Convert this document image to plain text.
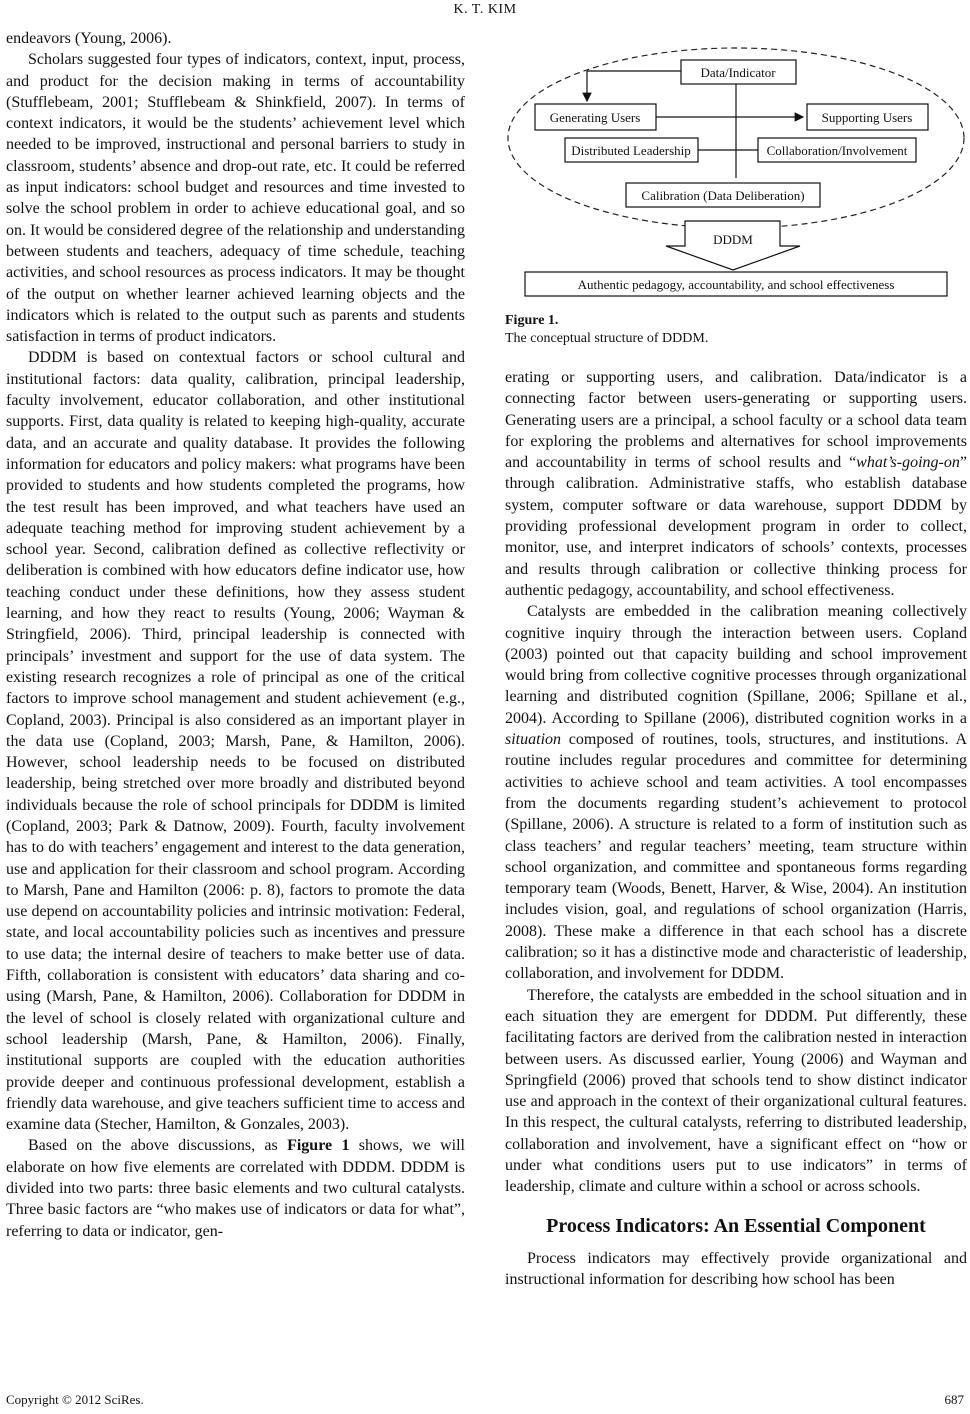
K. T. KIM

endeavors (Young, 2006).

Scholars suggested four types of indicators, context, input, process, and product for the decision making in terms of accountability (Stufflebeam, 2001; Stufflebeam & Shinkfield, 2007). In terms of context indicators, it would be the students’ achievement level which needed to be improved, instructional and personal barriers to study in classroom, students’ absence and drop-out rate, etc. It could be referred as input indicators: school budget and resources and time invested to solve the school problem in order to achieve educational goal, and so on. It would be considered degree of the relationship and understanding between students and teachers, adequacy of time schedule, teaching activities, and school resources as process indicators. It may be thought of the output on whether learner achieved learning objects and the indicators which is related to the output such as parents and students satisfaction in terms of product indicators.

DDDM is based on contextual factors or school cultural and institutional factors: data quality, calibration, principal leadership, faculty involvement, educator collaboration, and other institutional supports. First, data quality is related to keeping high-quality, accurate data, and an accurate and quality database. It provides the following information for educators and policy makers: what programs have been provided to students and how students completed the programs, how the test result has been improved, and what teachers have used an adequate teaching method for improving student achievement by a school year. Second, calibration defined as collective reflectivity or deliberation is combined with how educators define indicator use, how teaching conduct under these definitions, how they assess student learning, and how they react to results (Young, 2006; Wayman & Stringfield, 2006). Third, principal leadership is connected with principals’ investment and support for the use of data system. The existing research recognizes a role of principal as one of the critical factors to improve school management and student achievement (e.g., Copland, 2003). Principal is also considered as an important player in the data use (Copland, 2003; Marsh, Pane, & Hamilton, 2006). However, school leadership needs to be focused on distributed leadership, being stretched over more broadly and distributed beyond individuals because the role of school principals for DDDM is limited (Copland, 2003; Park & Datnow, 2009). Fourth, faculty involvement has to do with teachers’ engagement and interest to the data generation, use and application for their classroom and school program. According to Marsh, Pane and Hamilton (2006: p. 8), factors to promote the data use depend on accountability policies and intrinsic motivation: Federal, state, and local accountability policies such as incentives and pressure to use data; the internal desire of teachers to make better use of data. Fifth, collaboration is consistent with educators’ data sharing and co-using (Marsh, Pane, & Hamilton, 2006). Collaboration for DDDM in the level of school is closely related with organizational culture and school leadership (Marsh, Pane, & Hamilton, 2006). Finally, institutional supports are coupled with the education authorities provide deeper and continuous professional development, establish a friendly data warehouse, and give teachers sufficient time to access and examine data (Stecher, Hamilton, & Gonzales, 2003).

Based on the above discussions, as Figure 1 shows, we will elaborate on how five elements are correlated with DDDM. DDDM is divided into two parts: three basic elements and two cultural catalysts. Three basic factors are “who makes use of indicators or data for what”, referring to data or indicator, gen-

Data/Indicator
Generating Users	Supporting Users
Distributed Leadership	Collaboration/Involvement
Calibration (Data Deliberation)
DDDM
Authentic pedagogy, accountability, and school effectiveness
Figure 1.
The conceptual structure of DDDM.

erating or supporting users, and calibration. Data/indicator is a connecting factor between users-generating or supporting users. Generating users are a principal, a school faculty or a school data team for exploring the problems and alternatives for school improvements and accountability in terms of school results and “what’s-going-on” through calibration. Administrative staffs, who establish database system, computer software or data warehouse, support DDDM by providing professional development program in order to collect, monitor, use, and interpret indicators of schools’ contexts, processes and results through calibration or collective thinking process for authentic pedagogy, accountability, and school effectiveness.

Catalysts are embedded in the calibration meaning collectively cognitive inquiry through the interaction between users. Copland (2003) pointed out that capacity building and school improvement would bring from collective cognitive processes through organizational learning and distributed cognition (Spillane, 2006; Spillane et al., 2004). According to Spillane (2006), distributed cognition works in a situation composed of routines, tools, structures, and institutions. A routine includes regular procedures and committee for determining activities to achieve school and team activities. A tool encompasses from the documents regarding student’s achievement to protocol (Spillane, 2006). A structure is related to a form of institution such as class teachers’ and regular teachers’ meeting, team structure within school organization, and committee and spontaneous forms regarding temporary team (Woods, Benett, Harver, & Wise, 2004). An institution includes vision, goal, and regulations of school organization (Harris, 2008). These make a difference in that each school has a discrete calibration; so it has a distinctive mode and characteristic of leadership, collaboration, and involvement for DDDM.

Therefore, the catalysts are embedded in the school situation and in each situation they are emergent for DDDM. Put differently, these facilitating factors are derived from the calibration nested in interaction between users. As discussed earlier, Young (2006) and Wayman and Springfield (2006) proved that schools tend to show distinct indicator use and approach in the context of their organizational cultural features. In this respect, the cultural catalysts, referring to distributed leadership, collaboration and involvement, have a significant effect on “how or under what conditions users put to use indicators” in terms of leadership, climate and culture within a school or across schools.

Process Indicators: An Essential Component

Process indicators may effectively provide organizational and instructional information for describing how school has been

Copyright © 2012 SciRes.	687
